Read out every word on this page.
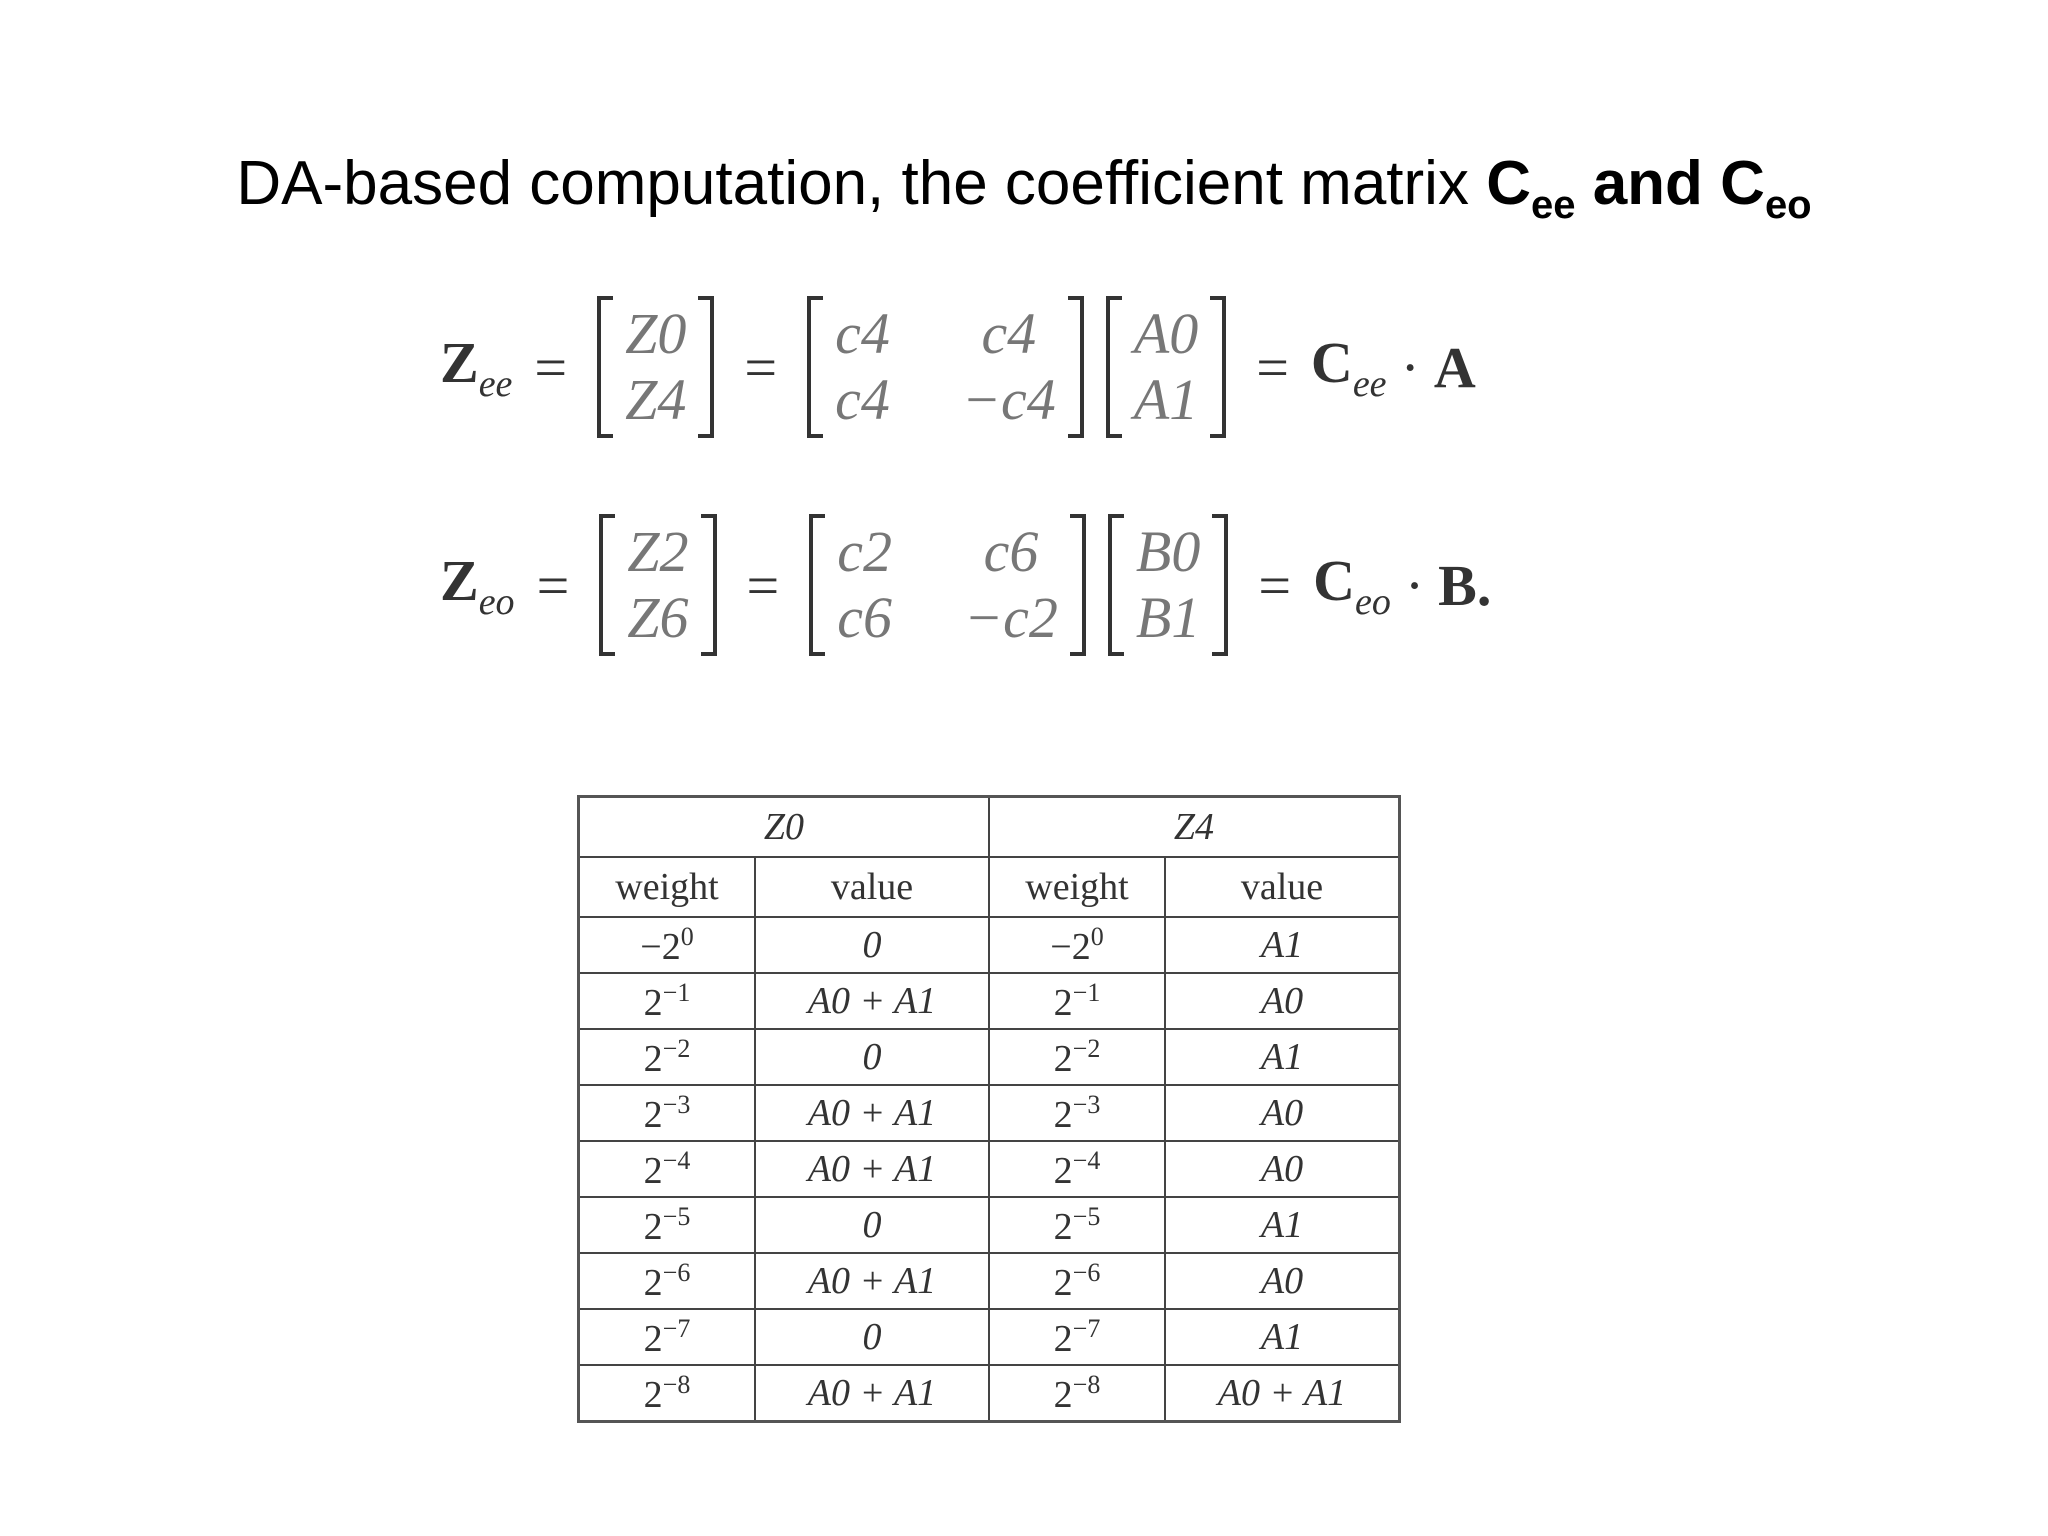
DA-based computation, the coefficient matrix $C_{ee}$ and $C_{eo}$
$Z_{ee}$ =
Z0
Z4 =
c4
c4
c4
−c4
A0
$A1 = C_{ee} \cdot A$
$Z_{eo}$ =
Z2
Z6 =
c2
c6
c6
−c2
B0
$B1 = C_{eo} \cdot B$.
Z0		Z4	
weight	value	weight	value
$-2^0$	0	$-2^0$	A1
$2^{-1}$	A0 + A1	$2^{-1}$	A0
$2^{-2}$	0	$2^{-2}$	A1
$2^{-3}$	A0 + A1	$2^{-3}$	A0
$2^{-4}$	A0 + A1	$2^{-4}$	A0
$2^{-5}$	0	$2^{-5}$	A1
$2^{-6}$	A0 + A1	$2^{-6}$	A0
$2^{-7}$	0	$2^{-7}$	A1
$2^{-8}$	A0 + A1	$2^{-8}$	A0 + A1
